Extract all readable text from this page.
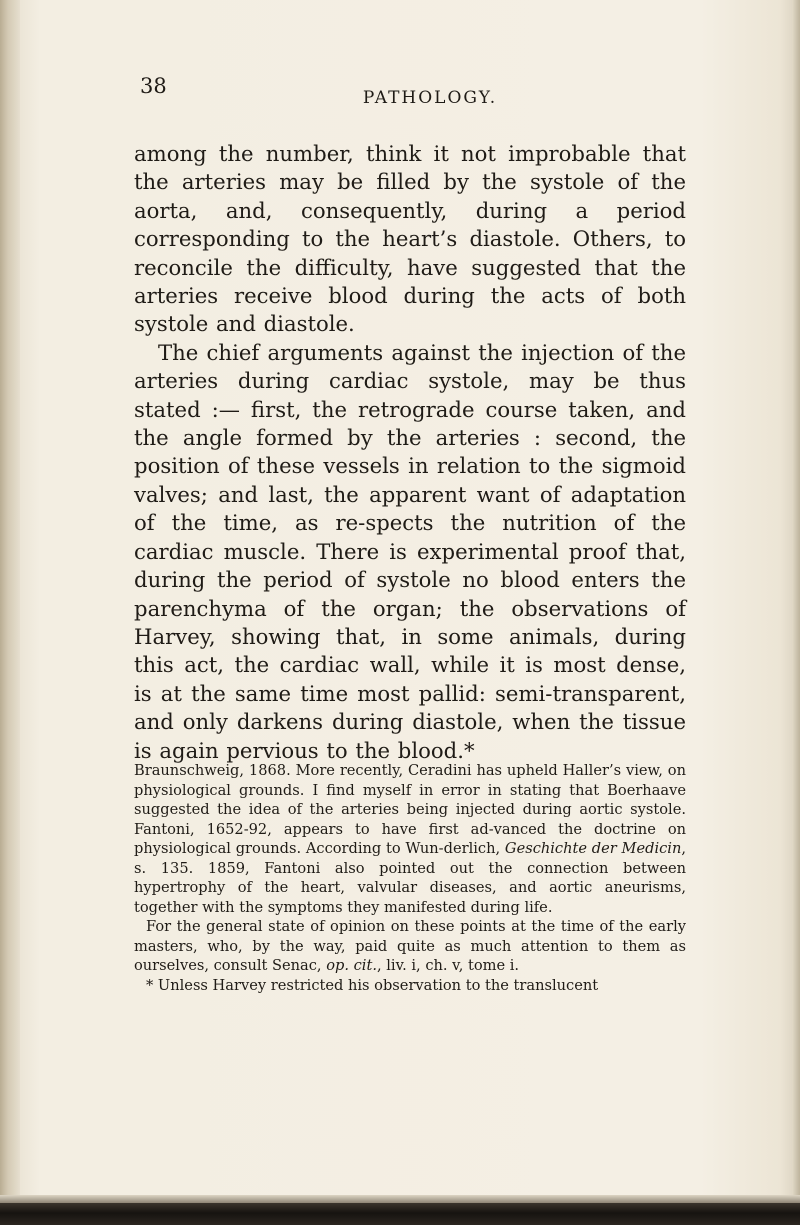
38	PATHOLOGY.

among the number, think it not improbable that the arteries may be filled by the systole of the aorta, and, consequently, during a period corresponding to the heart’s diastole. Others, to reconcile the difficulty, have suggested that the arteries receive blood during the acts of both systole and diastole.

The chief arguments against the injection of the arteries during cardiac systole, may be thus stated :— first, the retrograde course taken, and the angle formed by the arteries : second, the position of these vessels in relation to the sigmoid valves; and last, the apparent want of adaptation of the time, as re-spects the nutrition of the cardiac muscle. There is experimental proof that, during the period of systole no blood enters the parenchyma of the organ; the observations of Harvey, showing that, in some animals, during this act, the cardiac wall, while it is most dense, is at the same time most pallid: semi-transparent, and only darkens during diastole, when the tissue is again pervious to the blood.*

Braunschweig, 1868. More recently, Ceradini has upheld Haller’s view, on physiological grounds. I find myself in error in stating that Boerhaave suggested the idea of the arteries being injected during aortic systole. Fantoni, 1652-92, appears to have first ad-vanced the doctrine on physiological grounds. According to Wun-derlich, Geschichte der Medicin, s. 135. 1859, Fantoni also pointed out the connection between hypertrophy of the heart, valvular diseases, and aortic aneurisms, together with the symptoms they manifested during life.

For the general state of opinion on these points at the time of the early masters, who, by the way, paid quite as much attention to them as ourselves, consult Senac, op. cit., liv. i, ch. v, tome i.

* Unless Harvey restricted his observation to the translucent
